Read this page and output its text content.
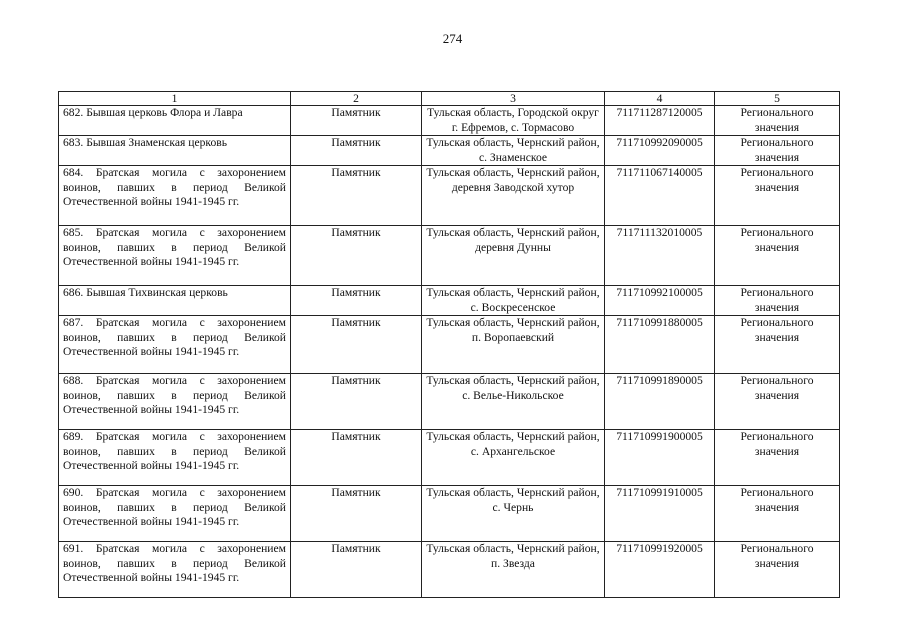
274
1	2	3	4	5
682. Бывшая церковь Флора и Лавра	Памятник	Тульская область, Городской округ г. Ефремов, с. Тормасово	711711287120005	Регионального значения
683. Бывшая Знаменская церковь	Памятник	Тульская область, Чернский район, с. Знаменское	711710992090005	Регионального значения
684. Братская могила с захоронением воинов, павших в период Великой Отечественной войны 1941-1945 гг.	Памятник	Тульская область, Чернский район, деревня Заводской хутор	711711067140005	Регионального значения
685. Братская могила с захоронением воинов, павших в период Великой Отечественной войны 1941-1945 гг.	Памятник	Тульская область, Чернский район, деревня Дунны	711711132010005	Регионального значения
686. Бывшая Тихвинская церковь	Памятник	Тульская область, Чернский район, с. Воскресенское	711710992100005	Регионального значения
687. Братская могила с захоронением воинов, павших в период Великой Отечественной войны 1941-1945 гг.	Памятник	Тульская область, Чернский район, п. Воропаевский	711710991880005	Регионального значения
688. Братская могила с захоронением воинов, павших в период Великой Отечественной войны 1941-1945 гг.	Памятник	Тульская область, Чернский район, с. Велье-Никольское	711710991890005	Регионального значения
689. Братская могила с захоронением воинов, павших в период Великой Отечественной войны 1941-1945 гг.	Памятник	Тульская область, Чернский район, с. Архангельское	711710991900005	Регионального значения
690. Братская могила с захоронением воинов, павших в период Великой Отечественной войны 1941-1945 гг.	Памятник	Тульская область, Чернский район, с. Чернь	711710991910005	Регионального значения
691. Братская могила с захоронением воинов, павших в период Великой Отечественной войны 1941-1945 гг.	Памятник	Тульская область, Чернский район, п. Звезда	711710991920005	Регионального значения
